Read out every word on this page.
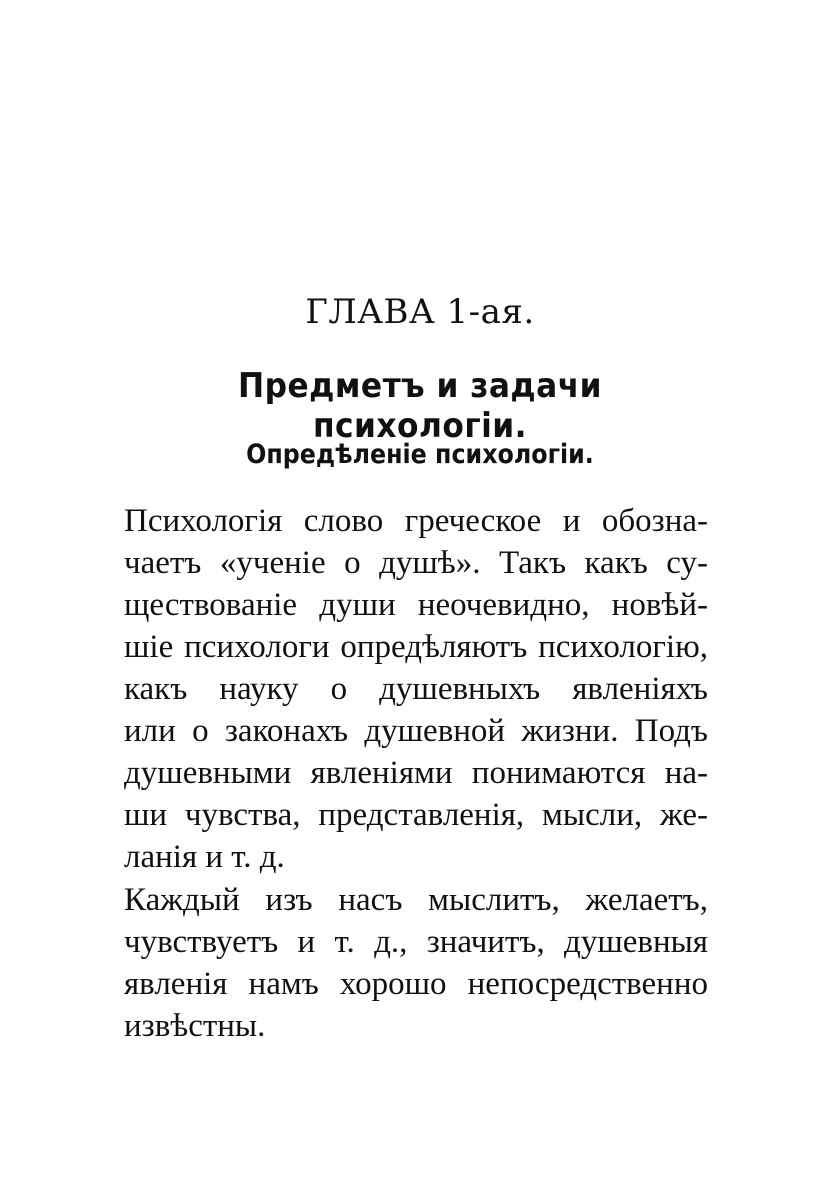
ГЛАВА 1-ая.
Предметъ и задачи психологіи.
Опредѣленіе психологіи.
Психологія слово греческое и обозна-
чаетъ «ученіе о душѣ». Такъ какъ су-
ществованіе души неочевидно, новѣй-
шіе психологи опредѣляютъ психологію,
какъ науку о душевныхъ явленіяхъ
или о законахъ душевной жизни. Подъ
душевными явленіями понимаются на-
ши чувства, представленія, мысли, же-
ланія и т. д.
Каждый изъ насъ мыслитъ, желаетъ,
чувствуетъ и т. д., значитъ, душевныя
явленія намъ хорошо непосредственно
извѣстны.
